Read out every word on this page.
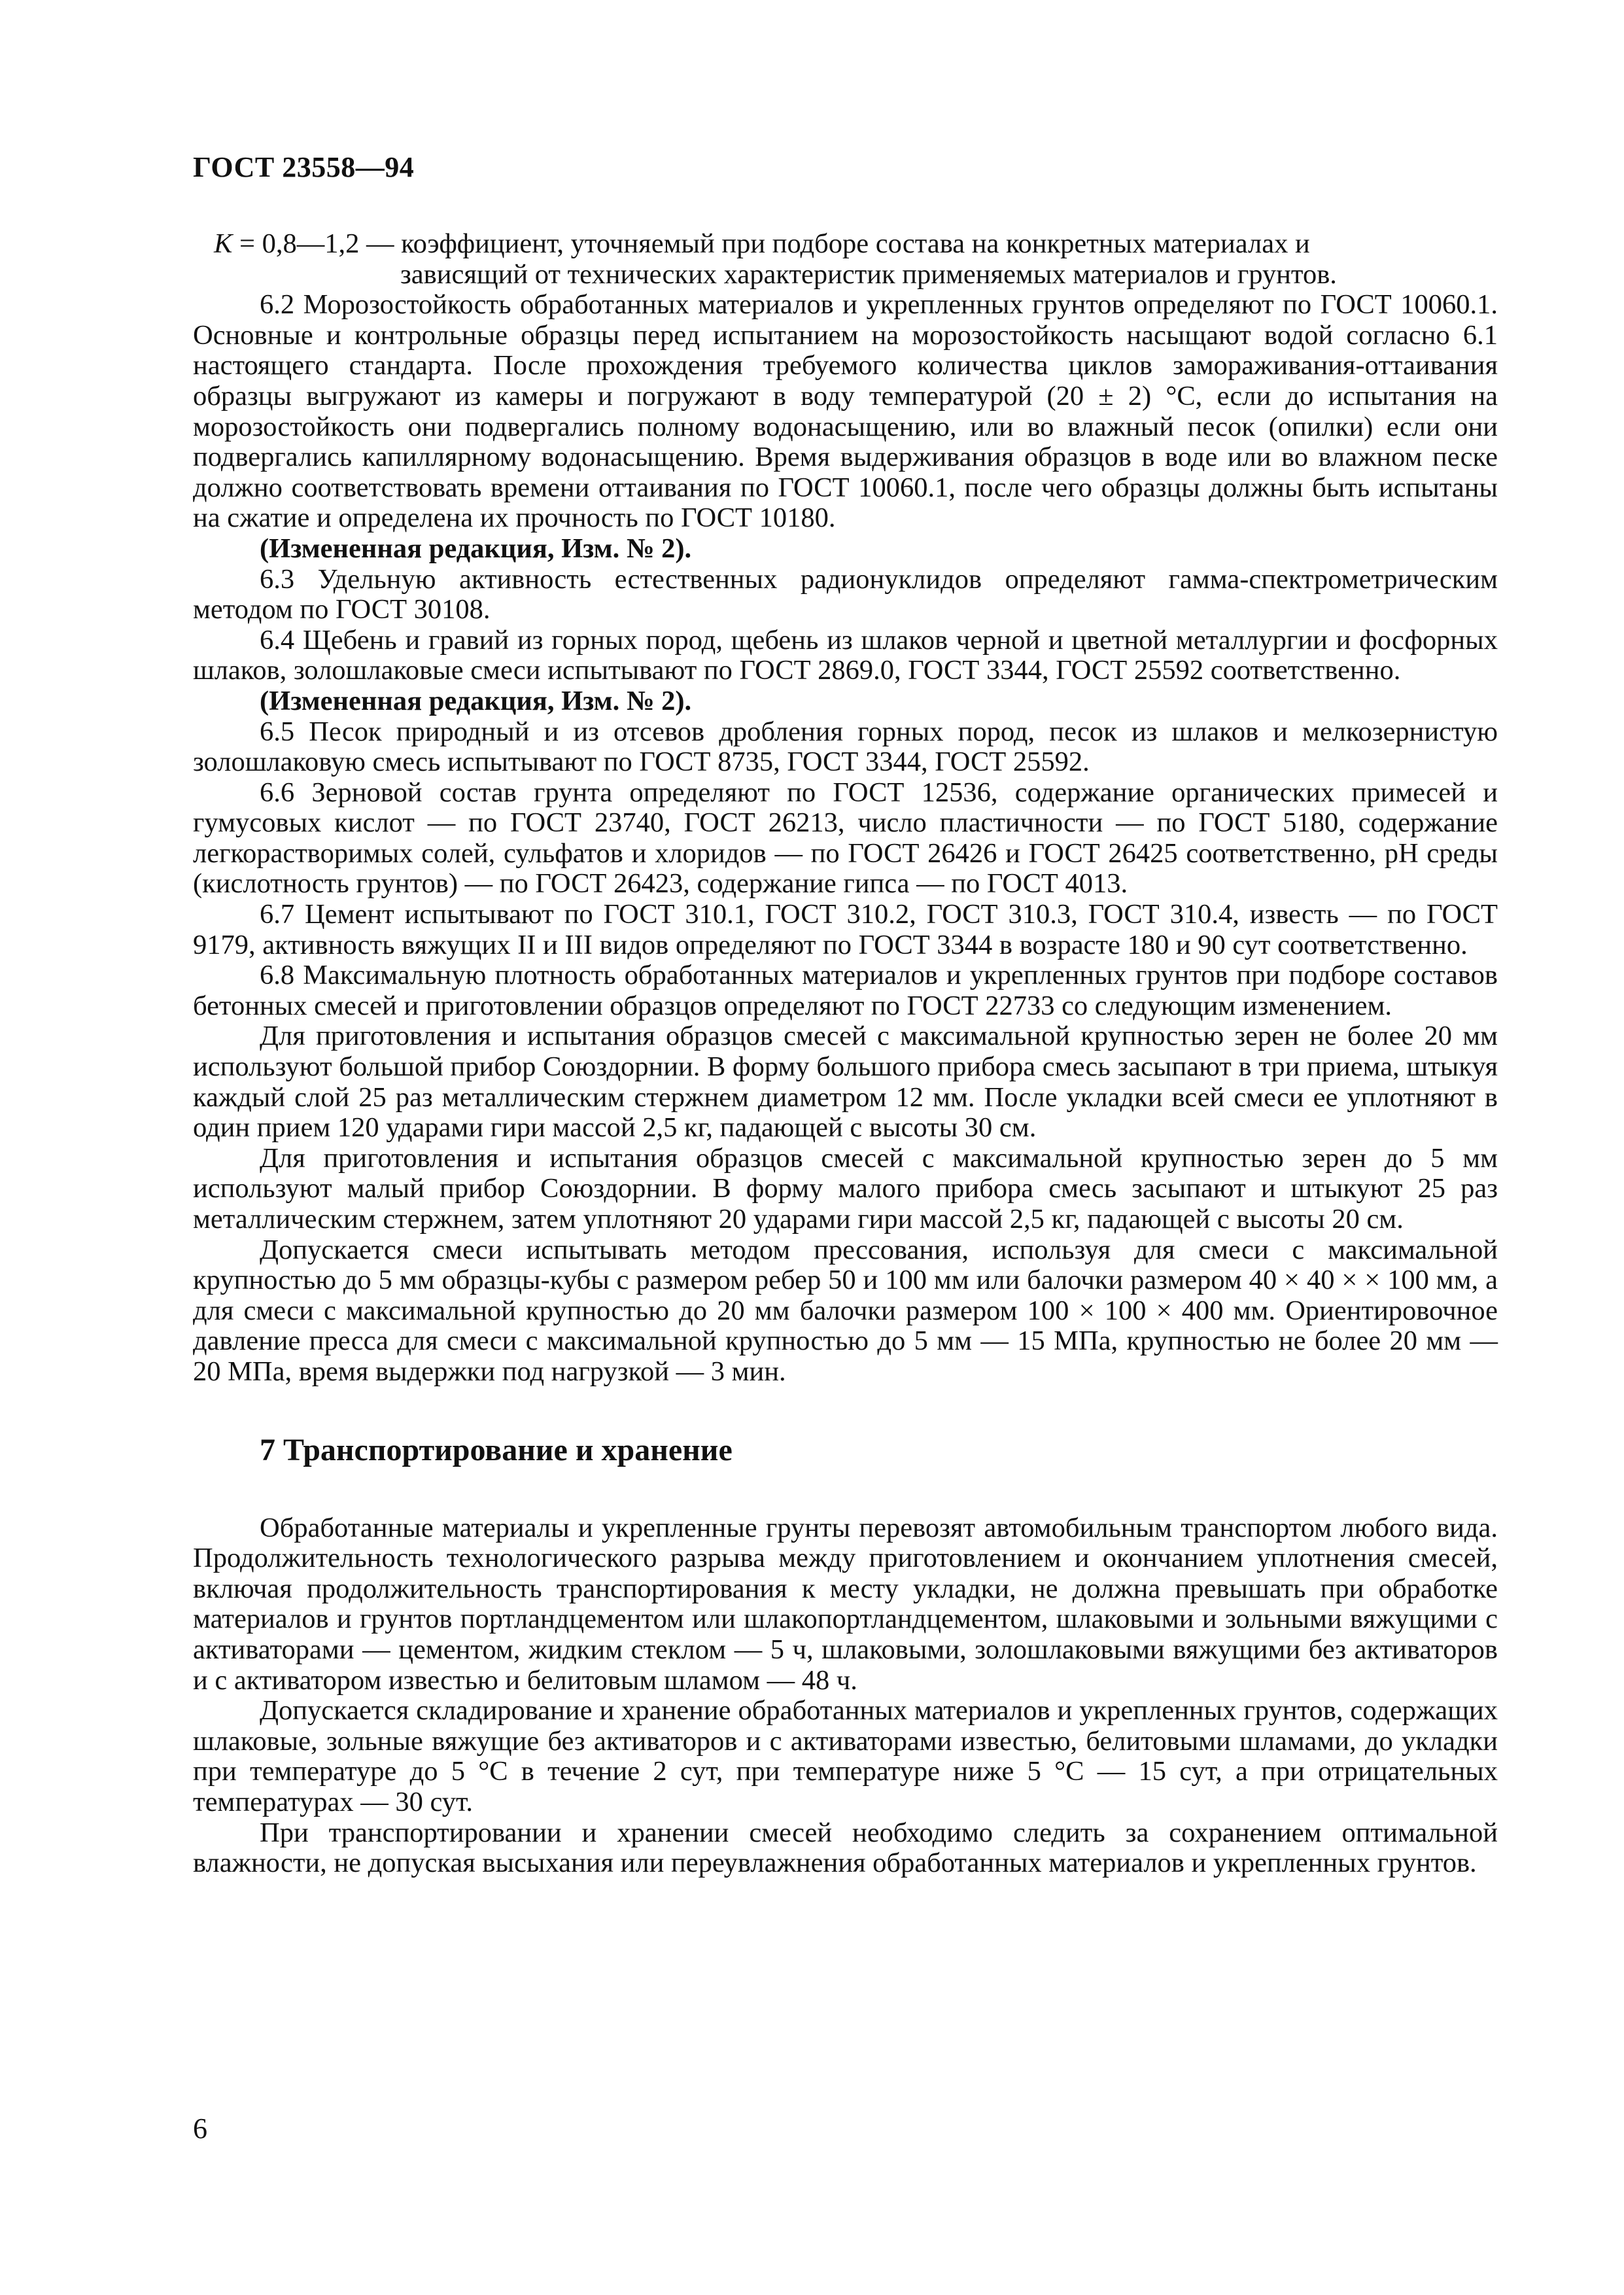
ГОСТ 23558—94

K = 0,8—1,2 — коэффициент, уточняемый при подборе состава на конкретных материалах и

зависящий от технических характеристик применяемых материалов и грунтов.

6.2 Морозостойкость обработанных материалов и укрепленных грунтов определяют по ГОСТ 10060.1. Основные и контрольные образцы перед испытанием на морозостойкость насыщают водой согласно 6.1 настоящего стандарта. После прохождения требуемого количества циклов замораживания-оттаивания образцы выгружают из камеры и погружают в воду температурой (20 ± 2) °С, если до испытания на морозостойкость они подвергались полному водонасыщению, или во влажный песок (опилки) если они подвергались капиллярному водонасыщению. Время выдерживания образцов в воде или во влажном песке должно соответствовать времени оттаивания по ГОСТ 10060.1, после чего образцы должны быть испытаны на сжатие и определена их прочность по ГОСТ 10180.

(Измененная редакция, Изм. № 2).

6.3 Удельную активность естественных радионуклидов определяют гамма-спектрометрическим методом по ГОСТ 30108.

6.4 Щебень и гравий из горных пород, щебень из шлаков черной и цветной металлургии и фосфорных шлаков, золошлаковые смеси испытывают по ГОСТ 2869.0, ГОСТ 3344, ГОСТ 25592 соответственно.

(Измененная редакция, Изм. № 2).

6.5 Песок природный и из отсевов дробления горных пород, песок из шлаков и мелкозернистую золошлаковую смесь испытывают по ГОСТ 8735, ГОСТ 3344, ГОСТ 25592.

6.6 Зерновой состав грунта определяют по ГОСТ 12536, содержание органических примесей и гумусовых кислот — по ГОСТ 23740, ГОСТ 26213, число пластичности — по ГОСТ 5180, содержание легкорастворимых солей, сульфатов и хлоридов — по ГОСТ 26426 и ГОСТ 26425 соответственно, рН среды (кислотность грунтов) — по ГОСТ 26423, содержание гипса — по ГОСТ 4013.

6.7 Цемент испытывают по ГОСТ 310.1, ГОСТ 310.2, ГОСТ 310.3, ГОСТ 310.4, известь — по ГОСТ 9179, активность вяжущих II и III видов определяют по ГОСТ 3344 в возрасте 180 и 90 сут соответственно.

6.8 Максимальную плотность обработанных материалов и укрепленных грунтов при подборе составов бетонных смесей и приготовлении образцов определяют по ГОСТ 22733 со следующим изменением.

Для приготовления и испытания образцов смесей с максимальной крупностью зерен не более 20 мм используют большой прибор Союздорнии. В форму большого прибора смесь засыпают в три приема, штыкуя каждый слой 25 раз металлическим стержнем диаметром 12 мм. После укладки всей смеси ее уплотняют в один прием 120 ударами гири массой 2,5 кг, падающей с высоты 30 см.

Для приготовления и испытания образцов смесей с максимальной крупностью зерен до 5 мм используют малый прибор Союздорнии. В форму малого прибора смесь засыпают и штыкуют 25 раз металлическим стержнем, затем уплотняют 20 ударами гири массой 2,5 кг, падающей с высоты 20 см.

Допускается смеси испытывать методом прессования, используя для смеси с максимальной крупностью до 5 мм образцы-кубы с размером ребер 50 и 100 мм или балочки размером 40 × 40 × × 100 мм, а для смеси с максимальной крупностью до 20 мм балочки размером 100 × 100 × 400 мм. Ориентировочное давление пресса для смеси с максимальной крупностью до 5 мм — 15 МПа, крупностью не более 20 мм — 20 МПа, время выдержки под нагрузкой — 3 мин.

7 Транспортирование и хранение

Обработанные материалы и укрепленные грунты перевозят автомобильным транспортом любого вида. Продолжительность технологического разрыва между приготовлением и окончанием уплотнения смесей, включая продолжительность транспортирования к месту укладки, не должна превышать при обработке материалов и грунтов портландцементом или шлакопортландцементом, шлаковыми и зольными вяжущими с активаторами — цементом, жидким стеклом — 5 ч, шлаковыми, золошлаковыми вяжущими без активаторов и с активатором известью и белитовым шламом — 48 ч.

Допускается складирование и хранение обработанных материалов и укрепленных грунтов, содержащих шлаковые, зольные вяжущие без активаторов и с активаторами известью, белитовыми шламами, до укладки при температуре до 5 °С в течение 2 сут, при температуре ниже 5 °С — 15 сут, а при отрицательных температурах — 30 сут.

При транспортировании и хранении смесей необходимо следить за сохранением оптимальной влажности, не допуская высыхания или переувлажнения обработанных материалов и укрепленных грунтов.

6
